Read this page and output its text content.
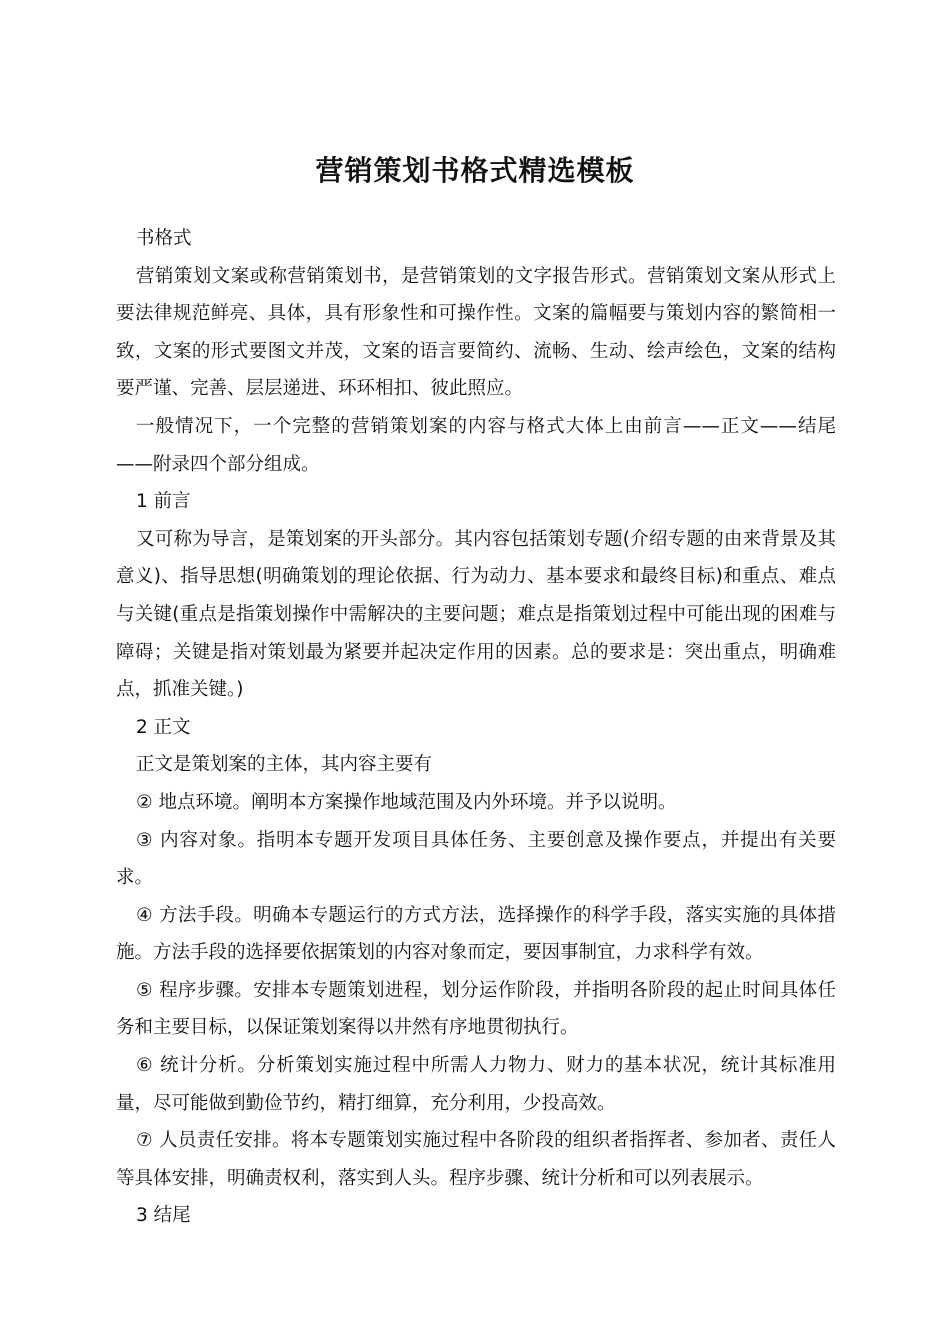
营销策划书格式精选模板

书格式

营销策划文案或称营销策划书，是营销策划的文字报告形式。营销策划文案从形式上要法律规范鲜亮、具体，具有形象性和可操作性。文案的篇幅要与策划内容的繁简相一致，文案的形式要图文并茂，文案的语言要简约、流畅、生动、绘声绘色，文案的结构要严谨、完善、层层递进、环环相扣、彼此照应。

一般情况下，一个完整的营销策划案的内容与格式大体上由前言——正文——结尾——附录四个部分组成。

1 前言

又可称为导言，是策划案的开头部分。其内容包括策划专题(介绍专题的由来背景及其意义)、指导思想(明确策划的理论依据、行为动力、基本要求和最终目标)和重点、难点与关键(重点是指策划操作中需解决的主要问题；难点是指策划过程中可能出现的困难与障碍；关键是指对策划最为紧要并起决定作用的因素。总的要求是：突出重点，明确难点，抓准关键。)

2 正文

正文是策划案的主体，其内容主要有

② 地点环境。阐明本方案操作地域范围及内外环境。并予以说明。

③ 内容对象。指明本专题开发项目具体任务、主要创意及操作要点，并提出有关要求。

④ 方法手段。明确本专题运行的方式方法，选择操作的科学手段，落实实施的具体措施。方法手段的选择要依据策划的内容对象而定，要因事制宜，力求科学有效。

⑤ 程序步骤。安排本专题策划进程，划分运作阶段，并指明各阶段的起止时间具体任务和主要目标，以保证策划案得以井然有序地贯彻执行。

⑥ 统计分析。分析策划实施过程中所需人力物力、财力的基本状况，统计其标准用量，尽可能做到勤俭节约，精打细算，充分利用，少投高效。

⑦ 人员责任安排。将本专题策划实施过程中各阶段的组织者指挥者、参加者、责任人等具体安排，明确责权利，落实到人头。程序步骤、统计分析和可以列表展示。

3 结尾
